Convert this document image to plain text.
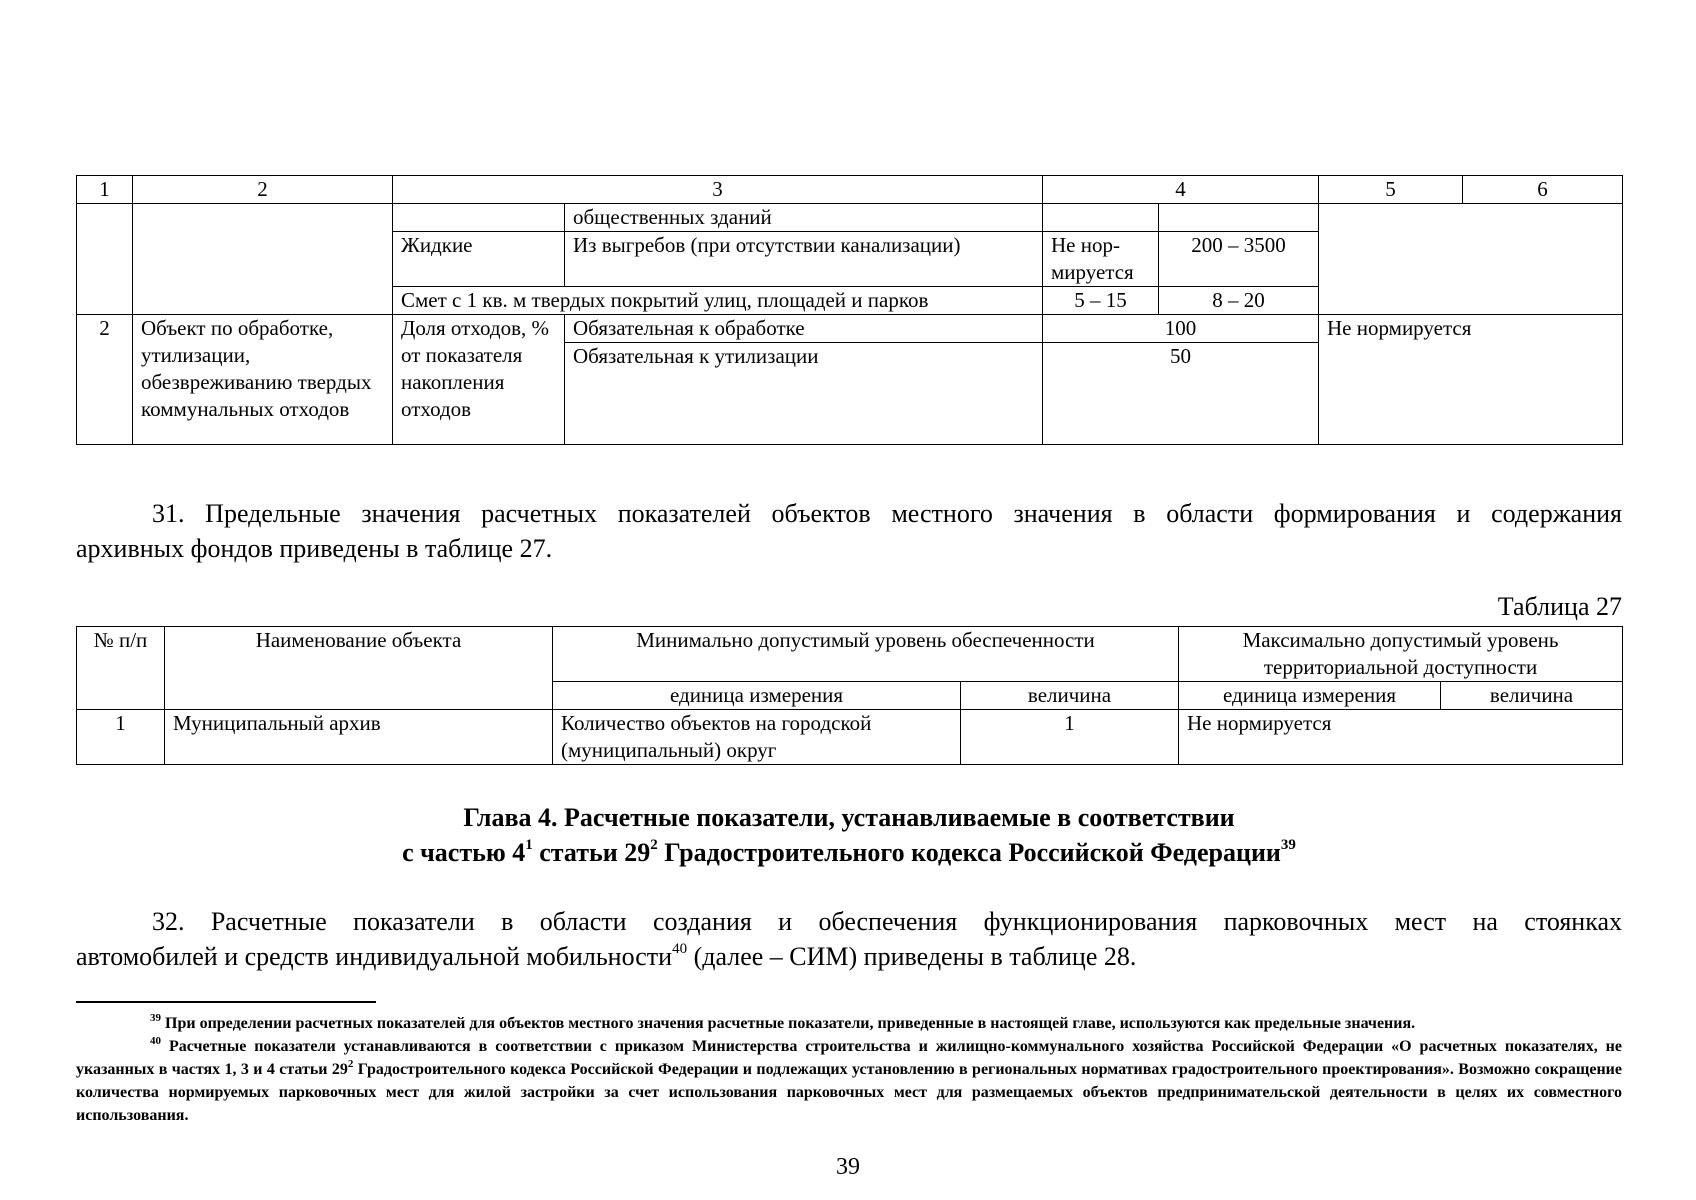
1	2	3		4		5	6
			общественных зданий				
		Жидкие	Из выгребов (при отсутствии канализации)	Не нор-мируется	200 – 3500		
		Смет с 1 кв. м твердых покрытий улиц, площадей и парков		5 – 15	8 – 20		
2	Объект по обработке, утилизации, обезвреживанию твердых коммунальных отходов	Доля отходов, % от показателя накопления отходов	Обязательная к обработке	100		Не нормируется	
			Обязательная к утилизации	50			
31. Предельные значения расчетных показателей объектов местного значения в области формирования и содержания
архивных фондов приведены в таблице 27.
Таблица 27
№ п/п	Наименование объекта	Минимально допустимый уровень обеспеченности		Максимально допустимый уровень территориальной доступности	
		единица измерения	величина	единица измерения	величина
1	Муниципальный архив	Количество объектов на городской (муниципальный) округ	1	Не нормируется	
Глава 4. Расчетные показатели, устанавливаемые в соответствии
с частью $4^1$ статьи $29^2$ Градостроительного кодекса Российской Федерации$^{39}$
32. Расчетные показатели в области создания и обеспечения функционирования парковочных мест на стоянках
автомобилей и средств индивидуальной мобильности$^{40}$ (далее – СИМ) приведены в таблице 28.
$^{39}$ При определении расчетных показателей для объектов местного значения расчетные показатели, приведенные в настоящей главе, используются как предельные значения.
$^{40}$ Расчетные показатели устанавливаются в соответствии с приказом Министерства строительства и жилищно-коммунального хозяйства Российской Федерации «О расчетных показателях, не указанных в частях 1, 3 и 4 статьи $29^2$ Градостроительного кодекса Российской Федерации и подлежащих установлению в региональных нормативах градостроительного проектирования». Возможно сокращение количества нормируемых парковочных мест для жилой застройки за счет использования парковочных мест для размещаемых объектов предпринимательской деятельности в целях их совместного использования.
39
